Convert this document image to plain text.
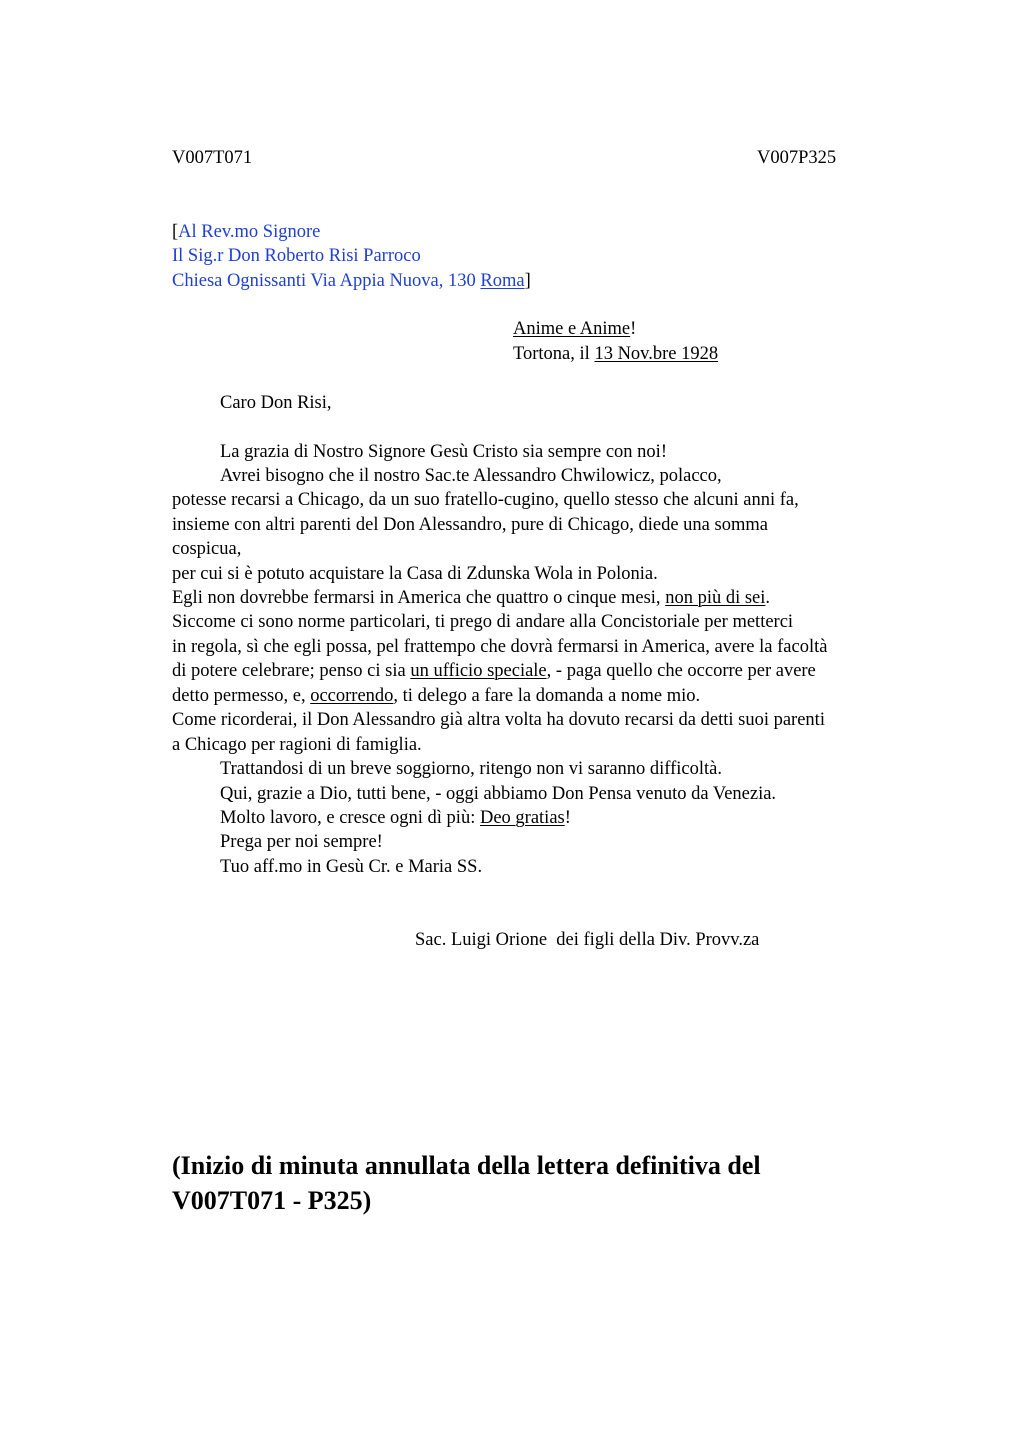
V007T071	V007P325
[Al Rev.mo Signore
Il Sig.r Don Roberto Risi Parroco
Chiesa Ognissanti Via Appia Nuova, 130 Roma]
Anime e Anime!
Tortona, il 13 Nov.bre 1928
Caro Don Risi,
La grazia di Nostro Signore Gesù Cristo sia sempre con noi!
Avrei bisogno che il nostro Sac.te Alessandro Chwilowicz, polacco,
potesse recarsi a Chicago, da un suo fratello-cugino, quello stesso che alcuni anni fa,
insieme con altri parenti del Don Alessandro, pure di Chicago, diede una somma
cospicua,
per cui si è potuto acquistare la Casa di Zdunska Wola in Polonia.
Egli non dovrebbe fermarsi in America che quattro o cinque mesi, non più di sei.
Siccome ci sono norme particolari, ti prego di andare alla Concistoriale per metterci
in regola, sì che egli possa, pel frattempo che dovrà fermarsi in America, avere la facoltà
di potere celebrare; penso ci sia un ufficio speciale, - paga quello che occorre per avere
detto permesso, e, occorrendo, ti delego a fare la domanda a nome mio.
Come ricorderai, il Don Alessandro già altra volta ha dovuto recarsi da detti suoi parenti
a Chicago per ragioni di famiglia.
Trattandosi di un breve soggiorno, ritengo non vi saranno difficoltà.
Qui, grazie a Dio, tutti bene, - oggi abbiamo Don Pensa venuto da Venezia.
Molto lavoro, e cresce ogni dì più: Deo gratias!
Prega per noi sempre!
Tuo aff.mo in Gesù Cr. e Maria SS.
Sac. Luigi Orione  dei figli della Div. Provv.za
(Inizio di minuta annullata della lettera definitiva del
V007T071 - P325)
